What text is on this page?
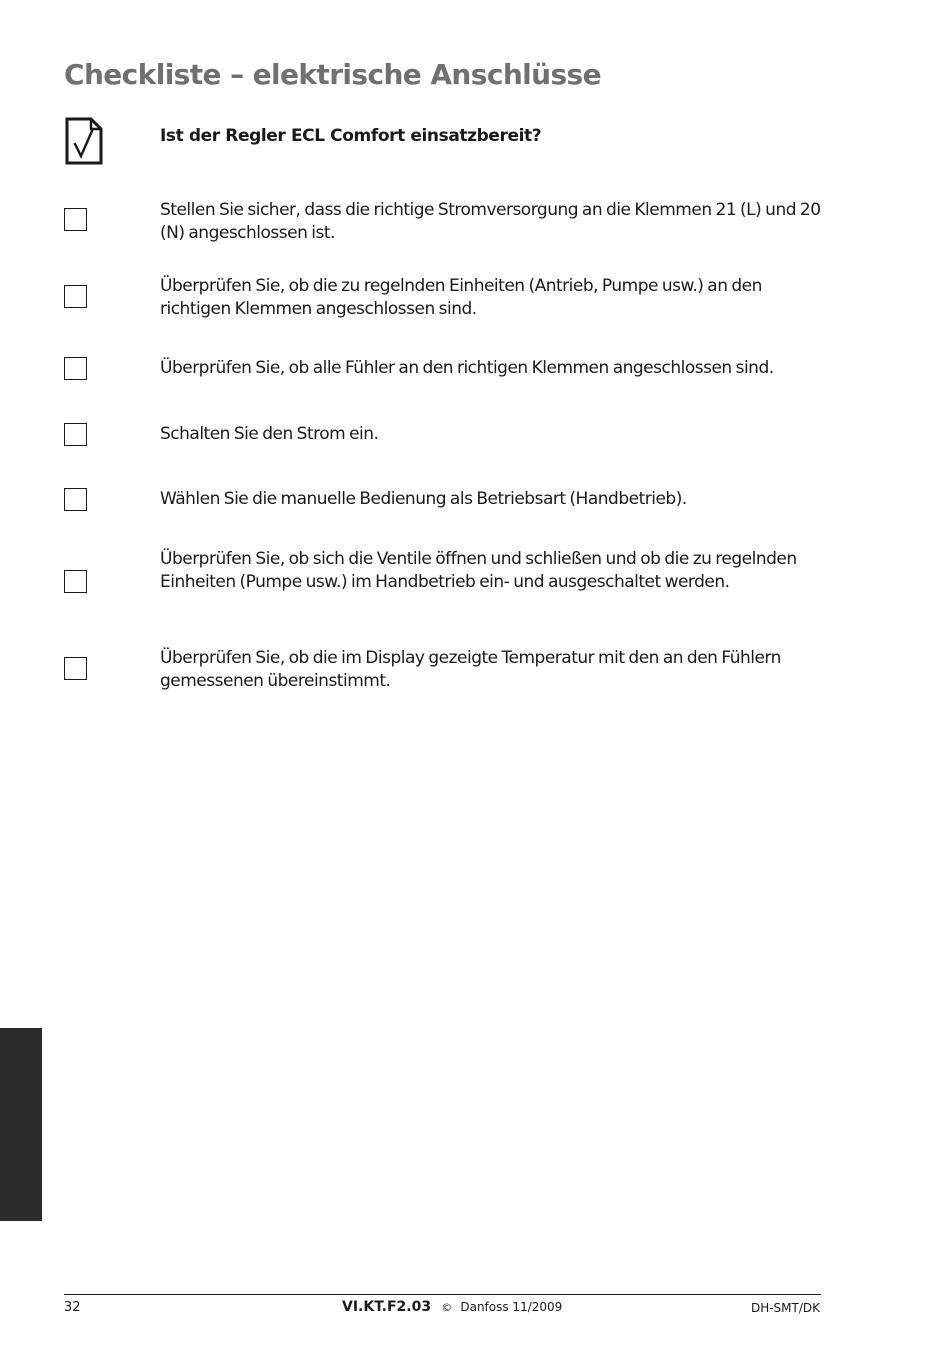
Checkliste – elektrische Anschlüsse

Ist der Regler ECL Comfort einsatzbereit?

Stellen Sie sicher, dass die richtige Stromversorgung an die Klemmen 21 (L) und 20 (N) angeschlossen ist.

Überprüfen Sie, ob die zu regelnden Einheiten (Antrieb, Pumpe usw.) an den richtigen Klemmen angeschlossen sind.

Überprüfen Sie, ob alle Fühler an den richtigen Klemmen angeschlossen sind.

Schalten Sie den Strom ein.

Wählen Sie die manuelle Bedienung als Betriebsart (Handbetrieb).

Überprüfen Sie, ob sich die Ventile öffnen und schließen und ob die zu regelnden Einheiten (Pumpe usw.) im Handbetrieb ein- und ausgeschaltet werden.

Überprüfen Sie, ob die im Display gezeigte Temperatur mit den an den Fühlern gemessenen übereinstimmt.

32	VI.KT.F2.03 © Danfoss 11/2009	DH-SMT/DK
